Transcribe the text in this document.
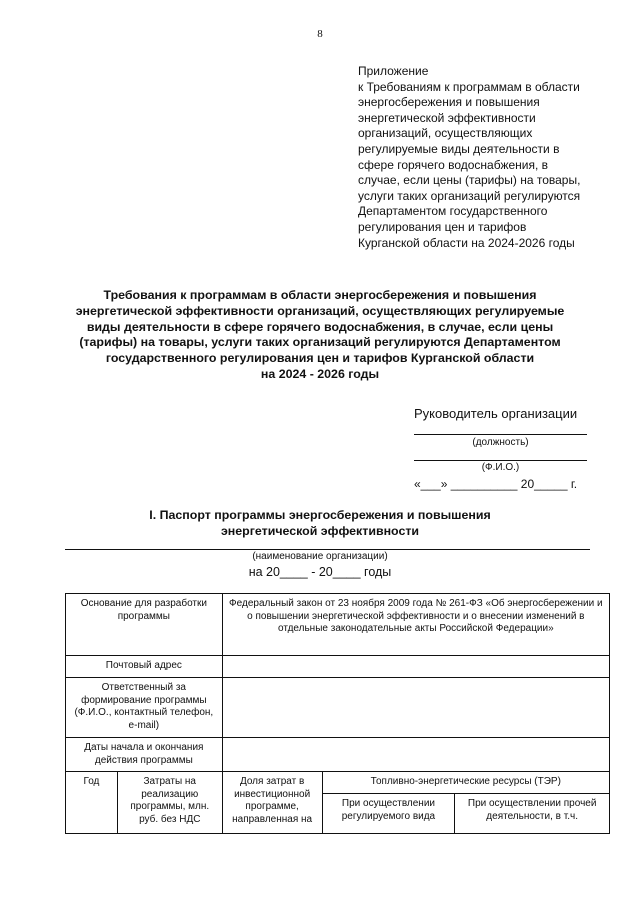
8
Приложение
к Требованиям к программам в области
энергосбережения и повышения
энергетической эффективности
организаций, осуществляющих
регулируемые виды деятельности в
сфере горячего водоснабжения, в
случае, если цены (тарифы) на товары,
услуги таких организаций регулируются
Департаментом государственного
регулирования цен и тарифов
Курганской области на 2024-2026 годы
Требования к программам в области энергосбережения и повышения
энергетической эффективности организаций, осуществляющих регулируемые
виды деятельности в сфере горячего водоснабжения, в случае, если цены
(тарифы) на товары, услуги таких организаций регулируются Департаментом
государственного регулирования цен и тарифов Курганской области
на 2024 - 2026 годы
Руководитель организации
(должность)
(Ф.И.О.)
«___» __________ 20_____ г.
I. Паспорт программы энергосбережения и повышения
энергетической эффективности
(наименование организации)
на 20____ - 20____ годы
Основание для разработки программы		Федеральный закон от 23 ноября 2009 года № 261-ФЗ «Об энергосбережении и о повышении энергетической эффективности и о внесении изменений в отдельные законодательные акты Российской Федерации»		
Почтовый адрес				
Ответственный за формирование программы (Ф.И.О., контактный телефон, e-mail)				
Даты начала и окончания действия программы				
Год	Затраты на реализацию программы, млн. руб. без НДС	Доля затрат в инвестиционной программе, направленная на	Топливно-энергетические ресурсы (ТЭР)	
			При осуществлении регулируемого вида	При осуществлении прочей деятельности, в т.ч.
